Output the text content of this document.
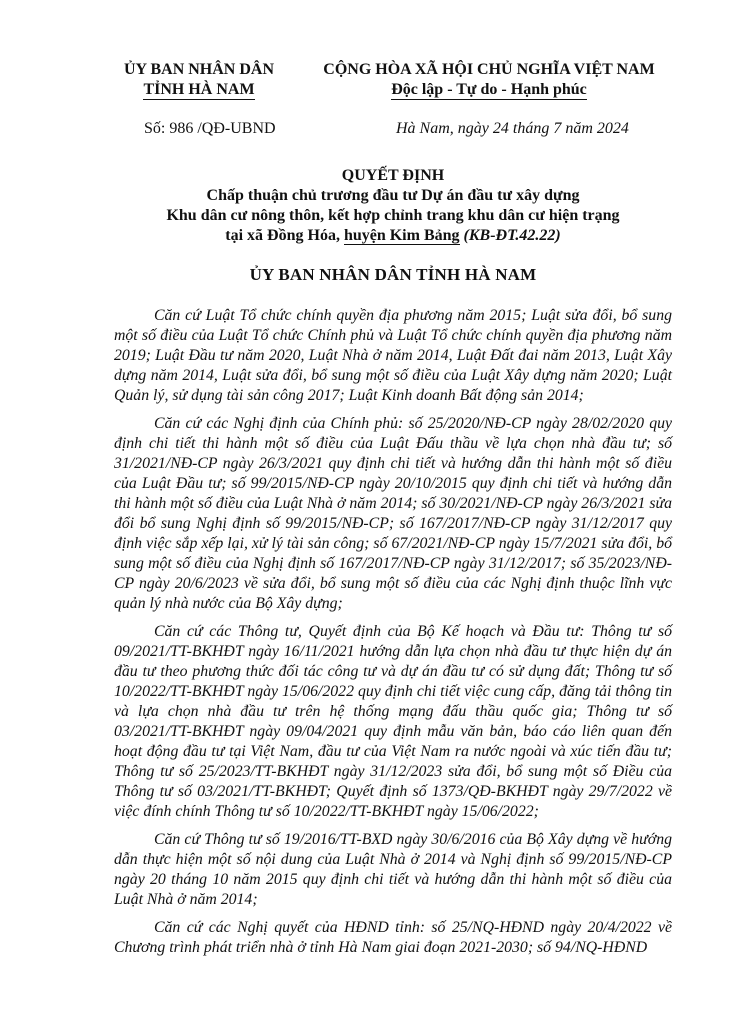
ỦY BAN NHÂN DÂN
TỈNH HÀ NAM
CỘNG HÒA XÃ HỘI CHỦ NGHĨA VIỆT NAM
Độc lập - Tự do - Hạnh phúc
Số: 986 /QĐ-UBND	Hà Nam, ngày 24 tháng 7 năm 2024
QUYẾT ĐỊNH
Chấp thuận chủ trương đầu tư Dự án đầu tư xây dựng
Khu dân cư nông thôn, kết hợp chỉnh trang khu dân cư hiện trạng
tại xã Đồng Hóa, huyện Kim Bảng (KB-ĐT.42.22)
ỦY BAN NHÂN DÂN TỈNH HÀ NAM

Căn cứ Luật Tổ chức chính quyền địa phương năm 2015; Luật sửa đổi, bổ sung một số điều của Luật Tổ chức Chính phủ và Luật Tổ chức chính quyền địa phương năm 2019; Luật Đầu tư năm 2020, Luật Nhà ở năm 2014, Luật Đất đai năm 2013, Luật Xây dựng năm 2014, Luật sửa đổi, bổ sung một số điều của Luật Xây dựng năm 2020; Luật Quản lý, sử dụng tài sản công 2017; Luật Kinh doanh Bất động sản 2014;

Căn cứ các Nghị định của Chính phủ: số 25/2020/NĐ-CP ngày 28/02/2020 quy định chi tiết thi hành một số điều của Luật Đấu thầu về lựa chọn nhà đầu tư; số 31/2021/NĐ-CP ngày 26/3/2021 quy định chi tiết và hướng dẫn thi hành một số điều của Luật Đầu tư; số 99/2015/NĐ-CP ngày 20/10/2015 quy định chi tiết và hướng dẫn thi hành một số điều của Luật Nhà ở năm 2014; số 30/2021/NĐ-CP ngày 26/3/2021 sửa đổi bổ sung Nghị định số 99/2015/NĐ-CP; số 167/2017/NĐ-CP ngày 31/12/2017 quy định việc sắp xếp lại, xử lý tài sản công; số 67/2021/NĐ-CP ngày 15/7/2021 sửa đổi, bổ sung một số điều của Nghị định số 167/2017/NĐ-CP ngày 31/12/2017; số 35/2023/NĐ-CP ngày 20/6/2023 về sửa đổi, bổ sung một số điều của các Nghị định thuộc lĩnh vực quản lý nhà nước của Bộ Xây dựng;

Căn cứ các Thông tư, Quyết định của Bộ Kế hoạch và Đầu tư: Thông tư số 09/2021/TT-BKHĐT ngày 16/11/2021 hướng dẫn lựa chọn nhà đầu tư thực hiện dự án đầu tư theo phương thức đối tác công tư và dự án đầu tư có sử dụng đất; Thông tư số 10/2022/TT-BKHĐT ngày 15/06/2022 quy định chi tiết việc cung cấp, đăng tải thông tin và lựa chọn nhà đầu tư trên hệ thống mạng đấu thầu quốc gia; Thông tư số 03/2021/TT-BKHĐT ngày 09/04/2021 quy định mẫu văn bản, báo cáo liên quan đến hoạt động đầu tư tại Việt Nam, đầu tư của Việt Nam ra nước ngoài và xúc tiến đầu tư; Thông tư số 25/2023/TT-BKHĐT ngày 31/12/2023 sửa đổi, bổ sung một số Điều của Thông tư số 03/2021/TT-BKHĐT; Quyết định số 1373/QĐ-BKHĐT ngày 29/7/2022 về việc đính chính Thông tư số 10/2022/TT-BKHĐT ngày 15/06/2022;

Căn cứ Thông tư số 19/2016/TT-BXD ngày 30/6/2016 của Bộ Xây dựng về hướng dẫn thực hiện một số nội dung của Luật Nhà ở 2014 và Nghị định số 99/2015/NĐ-CP ngày 20 tháng 10 năm 2015 quy định chi tiết và hướng dẫn thi hành một số điều của Luật Nhà ở năm 2014;

Căn cứ các Nghị quyết của HĐND tỉnh: số 25/NQ-HĐND ngày 20/4/2022 về Chương trình phát triển nhà ở tỉnh Hà Nam giai đoạn 2021-2030; số 94/NQ-HĐND
